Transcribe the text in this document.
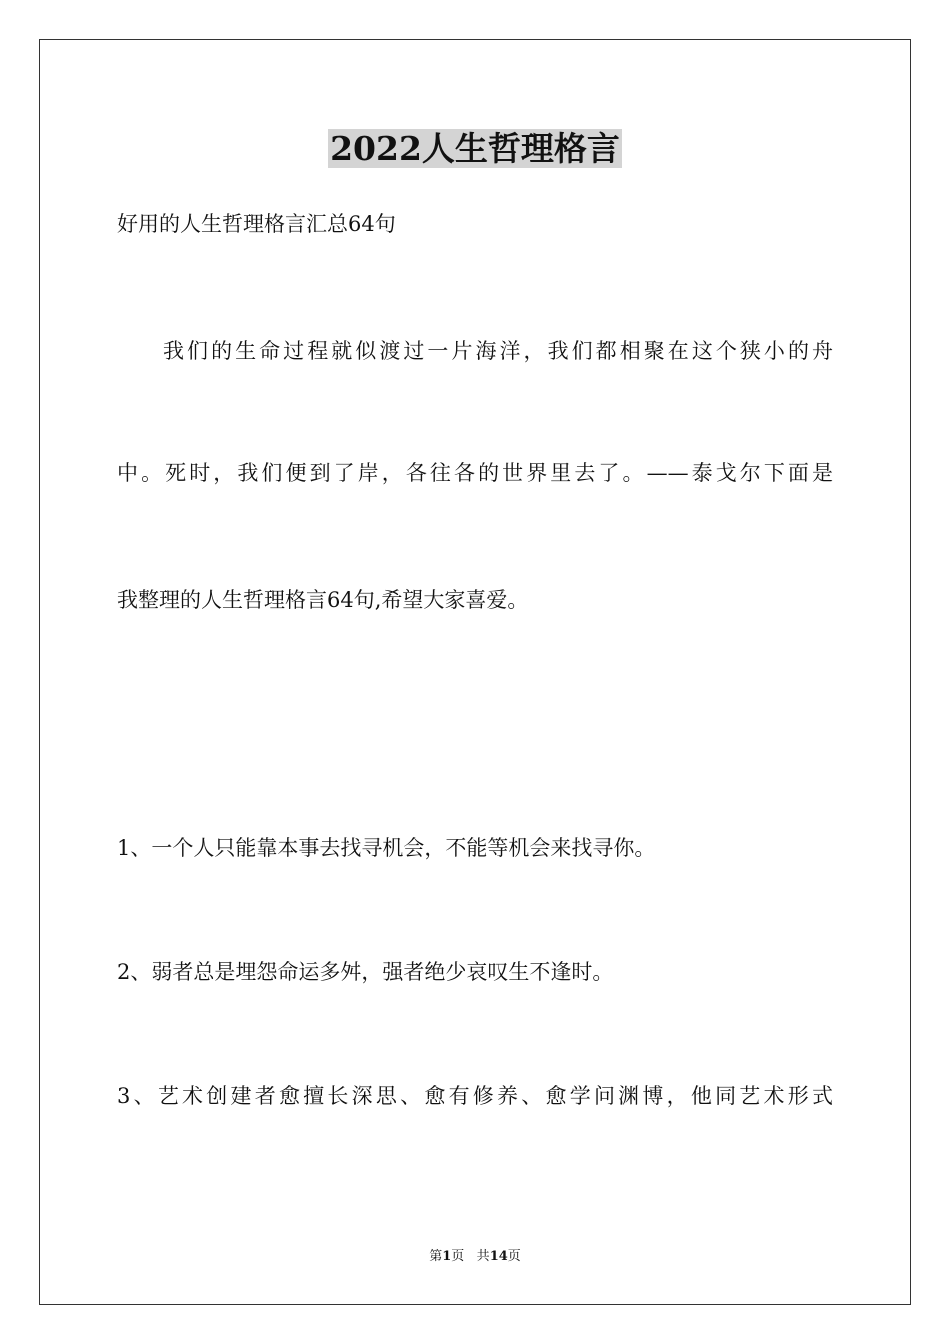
2022人生哲理格言
好用的人生哲理格言汇总64句
我们的生命过程就似渡过一片海洋，我们都相聚在这个狭小的舟
中。死时，我们便到了岸，各往各的世界里去了。——泰戈尔下面是
我整理的人生哲理格言64句,希望大家喜爱。
1、一个人只能靠本事去找寻机会，不能等机会来找寻你。
2、弱者总是埋怨命运多舛，强者绝少哀叹生不逢时。
3、艺术创建者愈擅长深思、愈有修养、愈学问渊博，他同艺术形式
第1页 共14页
